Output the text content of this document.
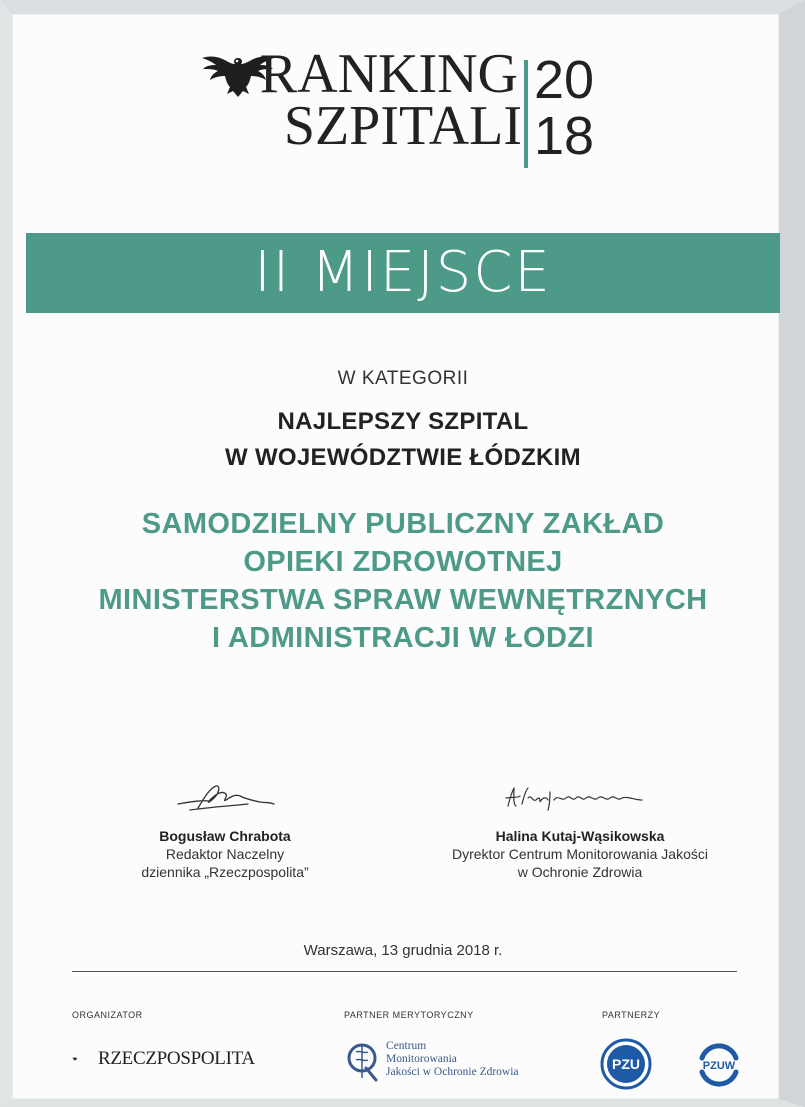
RANKING
SZPITALI
20
18
II MIEJSCE
W KATEGORII
NAJLEPSZY SZPITAL
W WOJEWÓDZTWIE ŁÓDZKIM
SAMODZIELNY PUBLICZNY ZAKŁAD
OPIEKI ZDROWOTNEJ
MINISTERSTWA SPRAW WEWNĘTRZNYCH
I ADMINISTRACJI W ŁODZI
Bogusław Chrabota
Redaktor Naczelny
dziennika „Rzeczpospolita”
Halina Kutaj-Wąsikowska
Dyrektor Centrum Monitorowania Jakości
w Ochronie Zdrowia
Warszawa, 13 grudnia 2018 r.
ORGANIZATOR	PARTNER MERYTORYCZNY	PARTNERZY
RZECZPOSPOLITA
Centrum
Monitorowania
Jakości w Ochronie Zdrowia	PZU	PZUW
